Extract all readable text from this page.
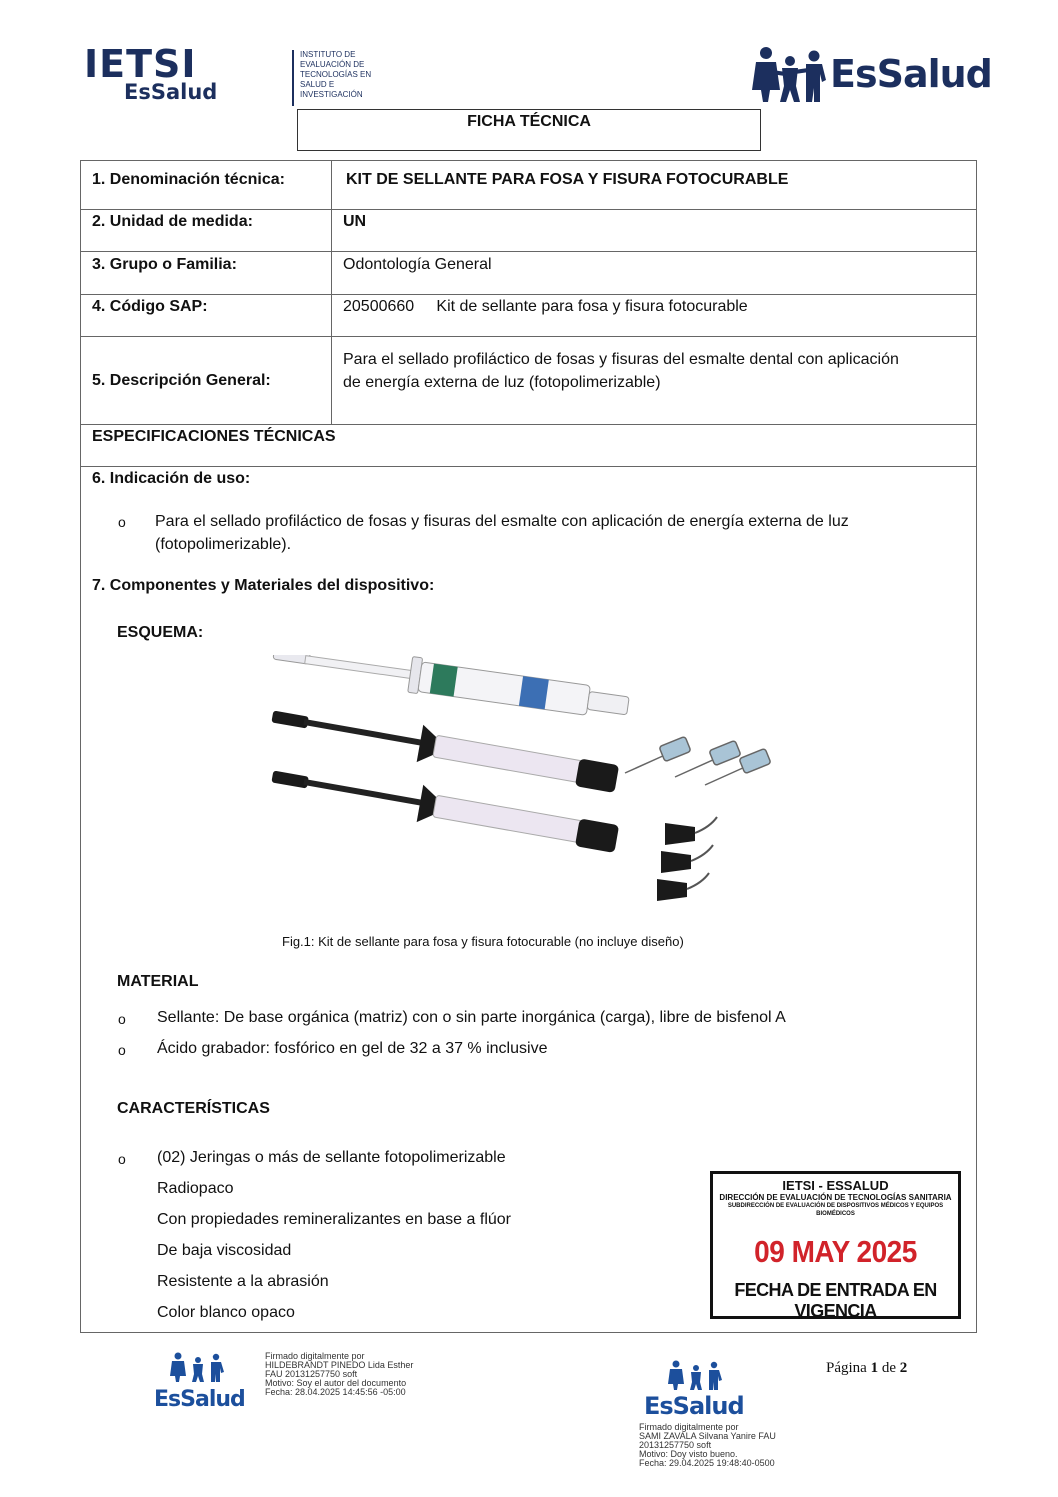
IETSI
EsSalud
INSTITUTO DE
EVALUACIÓN DE
TECNOLOGÍAS EN
SALUD E
INVESTIGACIÓN	EsSalud
FICHA TÉCNICA
1. Denominación técnica:	KIT DE SELLANTE PARA FOSA Y FISURA FOTOCURABLE
2. Unidad de medida:	UN
3. Grupo o Familia:	Odontología General
4. Código SAP:	20500660     Kit de sellante para fosa y fisura fotocurable
5. Descripción General:
Para el sellado profiláctico de fosas y fisuras del esmalte dental con aplicación
de energía externa de luz (fotopolimerizable)
ESPECIFICACIONES TÉCNICAS
6. Indicación de uso:
o Para el sellado profiláctico de fosas y fisuras del esmalte con aplicación de energía externa de luz
(fotopolimerizable).
7. Componentes y Materiales del dispositivo:
ESQUEMA:
Fig.1: Kit de sellante para fosa y fisura fotocurable (no incluye diseño)
MATERIAL
o Sellante: De base orgánica (matriz) con o sin parte inorgánica (carga), libre de bisfenol A
o Ácido grabador: fosfórico en gel de 32 a 37 % inclusive
CARACTERÍSTICAS
o (02) Jeringas o más de sellante fotopolimerizable
Radiopaco
Con propiedades remineralizantes en base a flúor
De baja viscosidad
Resistente a la abrasión
Color blanco opaco
IETSI - ESSALUD
DIRECCIÓN DE EVALUACIÓN DE TECNOLOGÍAS SANITARIA
SUBDIRECCIÓN DE EVALUACIÓN DE DISPOSITIVOS MÉDICOS Y EQUIPOS BIOMÉDICOS
09 MAY 2025
FECHA DE ENTRADA EN VIGENCIA
EsSalud
Firmado digitalmente por
HILDEBRANDT PINEDO Lida Esther
FAU 20131257750 soft
Motivo: Soy el autor del documento
Fecha: 28.04.2025 14:45:56 -05:00	EsSalud
Firmado digitalmente por
SAMI ZAVALA Silvana Yanire FAU
20131257750 soft
Motivo: Doy visto bueno.
Fecha: 29.04.2025 19:48:40-0500
Página 1 de 2
